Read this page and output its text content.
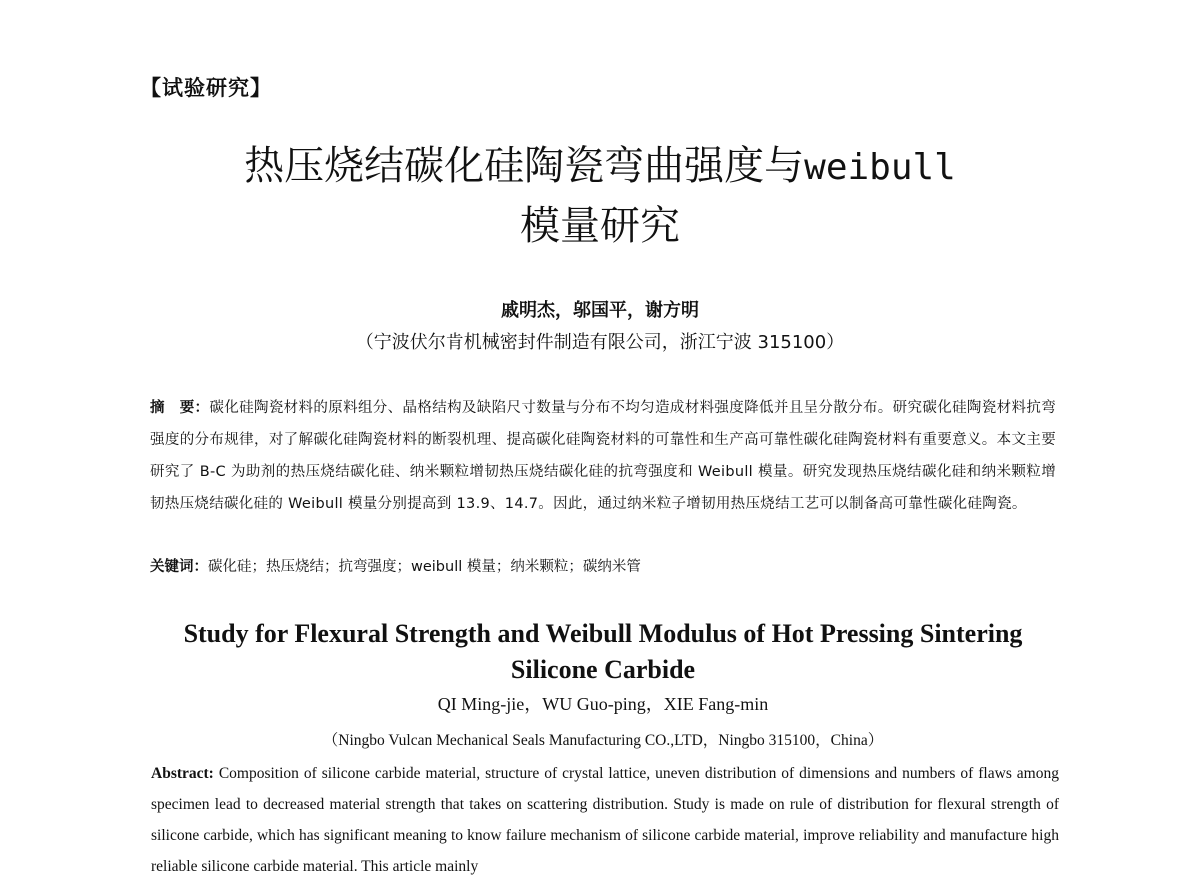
【试验研究】
热压烧结碳化硅陶瓷弯曲强度与weibull
模量研究
戚明杰，邬国平，谢方明
（宁波伏尔肯机械密封件制造有限公司，浙江宁波 315100）
摘　要：碳化硅陶瓷材料的原料组分、晶格结构及缺陷尺寸数量与分布不均匀造成材料强度降低并且呈分散分布。研究碳化硅陶瓷材料抗弯强度的分布规律，对了解碳化硅陶瓷材料的断裂机理、提高碳化硅陶瓷材料的可靠性和生产高可靠性碳化硅陶瓷材料有重要意义。本文主要研究了 B-C 为助剂的热压烧结碳化硅、纳米颗粒增韧热压烧结碳化硅的抗弯强度和 Weibull 模量。研究发现热压烧结碳化硅和纳米颗粒增韧热压烧结碳化硅的 Weibull 模量分别提高到 13.9、14.7。因此，通过纳米粒子增韧用热压烧结工艺可以制备高可靠性碳化硅陶瓷。
关键词：碳化硅；热压烧结；抗弯强度；weibull 模量；纳米颗粒；碳纳米管
Study for Flexural Strength and Weibull Modulus of Hot Pressing Sintering
Silicone Carbide
QI Ming-jie，WU Guo-ping，XIE Fang-min
（Ningbo Vulcan Mechanical Seals Manufacturing CO.,LTD，Ningbo 315100，China）
Abstract: Composition of silicone carbide material, structure of crystal lattice, uneven distribution of dimensions and numbers of flaws among specimen lead to decreased material strength that takes on scattering distribution. Study is made on rule of distribution for flexural strength of silicone carbide, which has significant meaning to know failure mechanism of silicone carbide material, improve reliability and manufacture high reliable silicone carbide material. This article mainly
